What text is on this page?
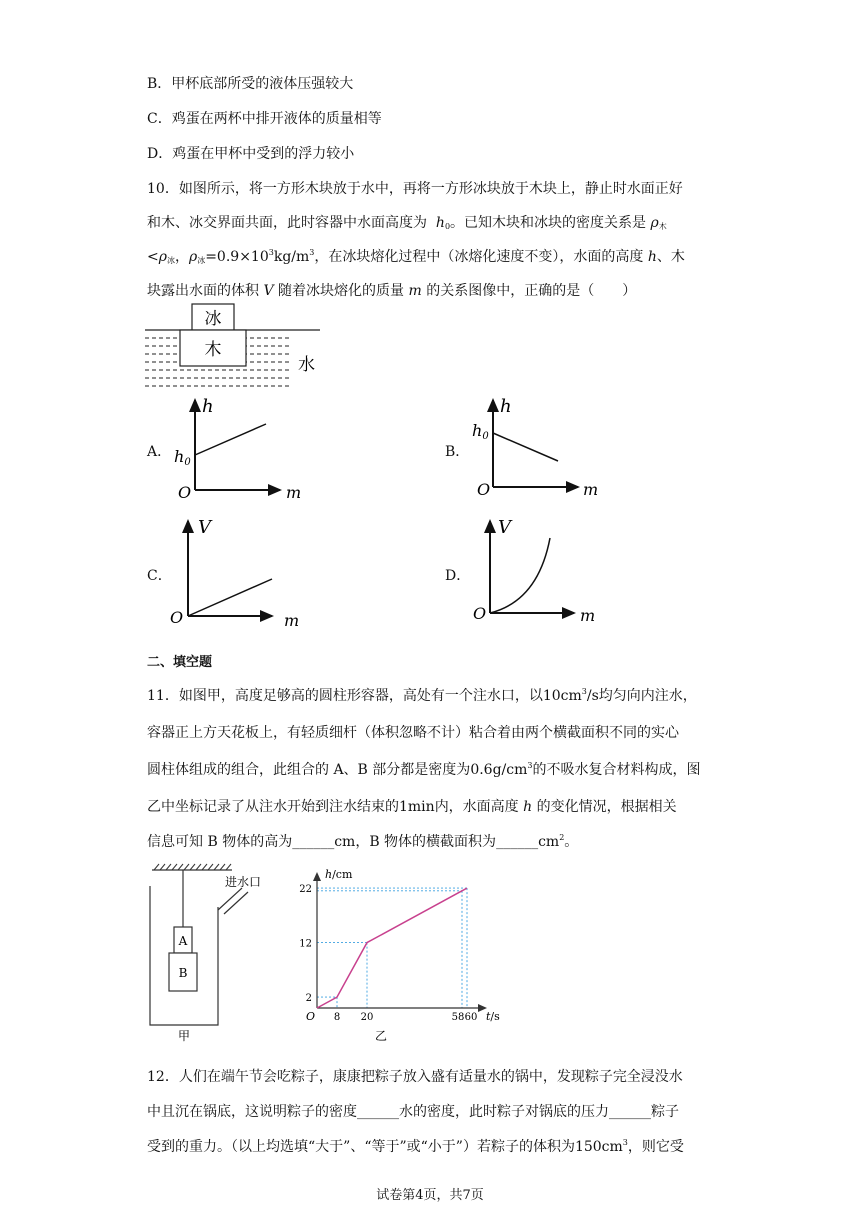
B．甲杯底部所受的液体压强较大
C．鸡蛋在两杯中排开液体的质量相等
D．鸡蛋在甲杯中受到的浮力较小
10．如图所示，将一方形木块放于水中，再将一方形冰块放于木块上，静止时水面正好
和木、冰交界面共面，此时容器中水面高度为 $h_0$。已知木块和冰块的密度关系是 $\rho_木$
$<\rho_冰$，$\rho_冰=0.9\times 10^3kg/m^3$，在冰块熔化过程中（冰熔化速度不变），水面的高度 h、木
块露出水面的体积 V 随着冰块熔化的质量 m 的关系图像中，正确的是（　　）
冰
木
水
A．
h
h0
O	m
B．
h
h0
O	m
C．
V
O	m
D．
V
O	m
二、填空题
11．如图甲，高度足够高的圆柱形容器，高处有一个注水口，以$10cm^3/s$均匀向内注水，
容器正上方天花板上，有轻质细杆（体积忽略不计）粘合着由两个横截面积不同的实心
圆柱体组成的组合，此组合的 A、B 部分都是密度为$0.6g/cm^3$的不吸水复合材料构成，图
乙中坐标记录了从注水开始到注水结束的1min内，水面高度 h 的变化情况，根据相关
信息可知 B 物体的高为______cm，B 物体的横截面积为$\_\_\_\_\_\_cm^2$。
进水口
A
B
甲
8 20	58 60
2
12
22
h/cm
t/s
O
乙
12．人们在端午节会吃粽子，康康把粽子放入盛有适量水的锅中，发现粽子完全浸没水
中且沉在锅底，这说明粽子的密度______水的密度，此时粽子对锅底的压力______粽子
受到的重力。（以上均选填“大于”、“等于”或“小于”）若粽子的体积为$150cm^3$，则它受
试卷第4页，共7页
